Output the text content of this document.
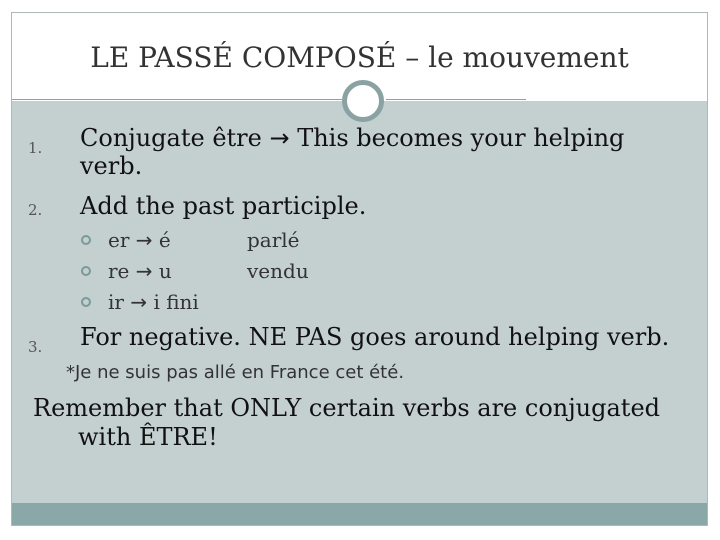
LE PASSÉ COMPOSÉ – le mouvement
1. Conjugate être → This becomes your helping
verb.
2. Add the past participle.
er → é	parlé
re → u	vendu
ir → i fini
3. For negative. NE PAS goes around helping verb.
*Je ne suis pas allé en France cet été.
Remember that ONLY certain verbs are conjugated
with ÊTRE!
